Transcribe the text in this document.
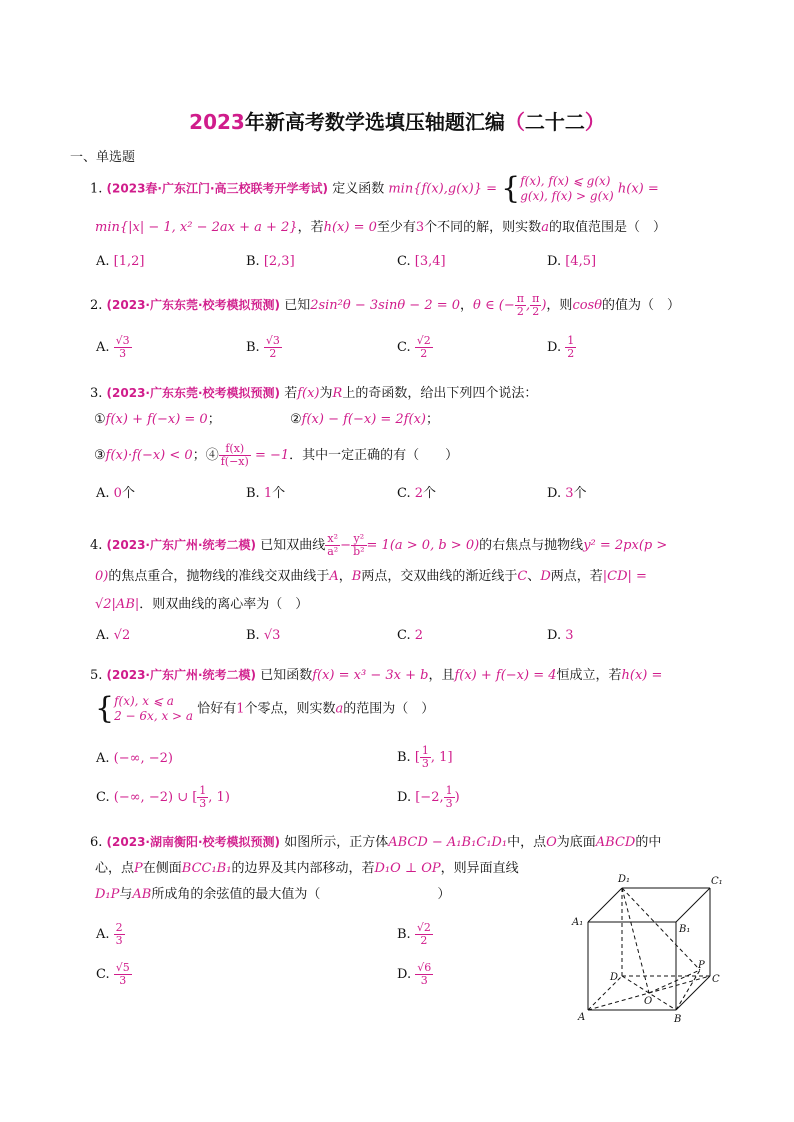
2023年新高考数学选填压轴题汇编（二十二）
一、单选题
1. (2023春·广东江门·高三校联考开学考试) 定义函数 min{f(x),g(x)} = { f(x), f(x) ⩽ g(x)
g(x), f(x) > g(x) h(x) =
min{|x| − 1, x² − 2ax + a + 2}，若h(x) = 0至少有3个不同的解，则实数a的取值范围是（　）
A. [1,2]	B. [2,3]	C. [3,4]	D. [4,5]
2. (2023·广东东莞·校考模拟预测) 已知2sin²θ − 3sinθ − 2 = 0，θ ∈ (− $\frac{\pi}{2}$ , $\frac{\pi}{2}$ )，则cosθ的值为（　）
A. $\frac{√3}{3}$	B. $\frac{√3}{2}$	C. $\frac{√2}{2}$	D. $\frac{1}{2}$
3. (2023·广东东莞·校考模拟预测) 若f(x)为R上的奇函数，给出下列四个说法：
①f(x) + f(−x) = 0；	②f(x) − f(−x) = 2f(x)；
③f(x)·f(−x) < 0；④ $\frac{f(x)}{f(-x)} = -1$．其中一定正确的有（　　）
A. 0个	B. 1个	C. 2个	D. 3个
4. (2023·广东广州·统考二模) 已知双曲线 $\frac{\text{x²}}{\text{a²}} - \frac{\text{y²}}{\text{b²}} = 1(a > 0$, b > 0)的右焦点与抛物线y² = 2px(p >
0)的焦点重合，抛物线的准线交双曲线于A，B两点，交双曲线的渐近线于C、D两点，若|CD| =
√2|AB|．则双曲线的离心率为（　）
A. √2	B. √3	C. 2	D. 3
5. (2023·广东广州·统考二模) 已知函数f(x) = x³ − 3x + b，且f(x) + f(−x) = 4恒成立，若h(x) =
{ f(x), x ⩽ a
2 − 6x, x > a 恰好有1个零点，则实数a的范围为（　）
A. (−∞, −2)	B. [ $\frac{1}{3}$ , 1]
C. (−∞, −2) ∪ [ $\frac{1}{3}$ , 1)	D. [−2, $\frac{1}{3}$ )
6. (2023·湖南衡阳·校考模拟预测) 如图所示，正方体ABCD − A₁B₁C₁D₁中，点O为底面ABCD的中
心，点P在侧面BCC₁B₁的边界及其内部移动，若D₁O ⊥ OP，则异面直线
D₁P与AB所成角的余弦值的最大值为（　　　　　　　　　）
A. $\frac{2}{3}$	B. $\frac{√2}{2}$
C. $\frac{√5}{3}$	D. $\frac{√6}{3}$
D₁	C₁
A₁
B₁
D
P
C
O
A	B
